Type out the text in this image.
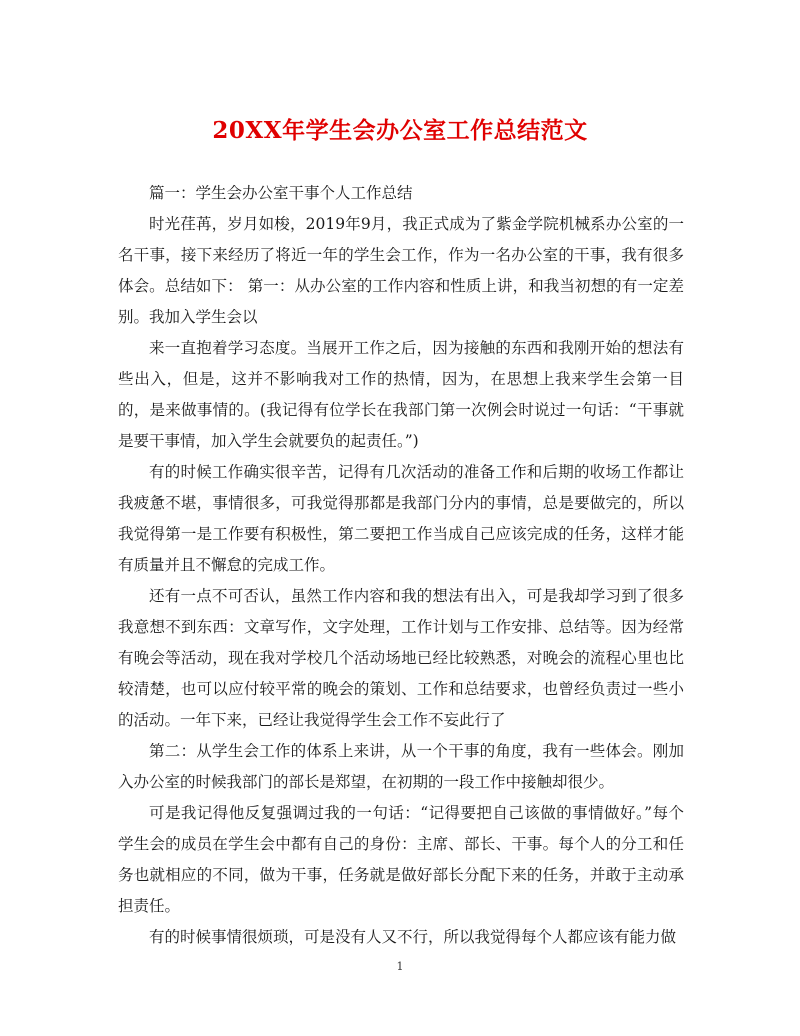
20XX年学生会办公室工作总结范文

篇一：学生会办公室干事个人工作总结

时光荏苒，岁月如梭，2019年9月，我正式成为了紫金学院机械系办公室的一名干事，接下来经历了将近一年的学生会工作，作为一名办公室的干事，我有很多体会。总结如下： 第一：从办公室的工作内容和性质上讲，和我当初想的有一定差别。我加入学生会以

来一直抱着学习态度。当展开工作之后，因为接触的东西和我刚开始的想法有些出入，但是，这并不影响我对工作的热情，因为，在思想上我来学生会第一目的，是来做事情的。(我记得有位学长在我部门第一次例会时说过一句话：“干事就是要干事情，加入学生会就要负的起责任。”)

有的时候工作确实很辛苦，记得有几次活动的准备工作和后期的收场工作都让我疲惫不堪，事情很多，可我觉得那都是我部门分内的事情，总是要做完的，所以我觉得第一是工作要有积极性，第二要把工作当成自己应该完成的任务，这样才能有质量并且不懈怠的完成工作。

还有一点不可否认，虽然工作内容和我的想法有出入，可是我却学习到了很多我意想不到东西：文章写作，文字处理，工作计划与工作安排、总结等。因为经常有晚会等活动，现在我对学校几个活动场地已经比较熟悉，对晚会的流程心里也比较清楚，也可以应付较平常的晚会的策划、工作和总结要求，也曾经负责过一些小的活动。一年下来，已经让我觉得学生会工作不妄此行了

第二：从学生会工作的体系上来讲，从一个干事的角度，我有一些体会。刚加入办公室的时候我部门的部长是郑望，在初期的一段工作中接触却很少。

可是我记得他反复强调过我的一句话：“记得要把自己该做的事情做好。”每个学生会的成员在学生会中都有自己的身份：主席、部长、干事。每个人的分工和任务也就相应的不同，做为干事，任务就是做好部长分配下来的任务，并敢于主动承担责任。

有的时候事情很烦琐，可是没有人又不行，所以我觉得每个人都应该有能力做

1
